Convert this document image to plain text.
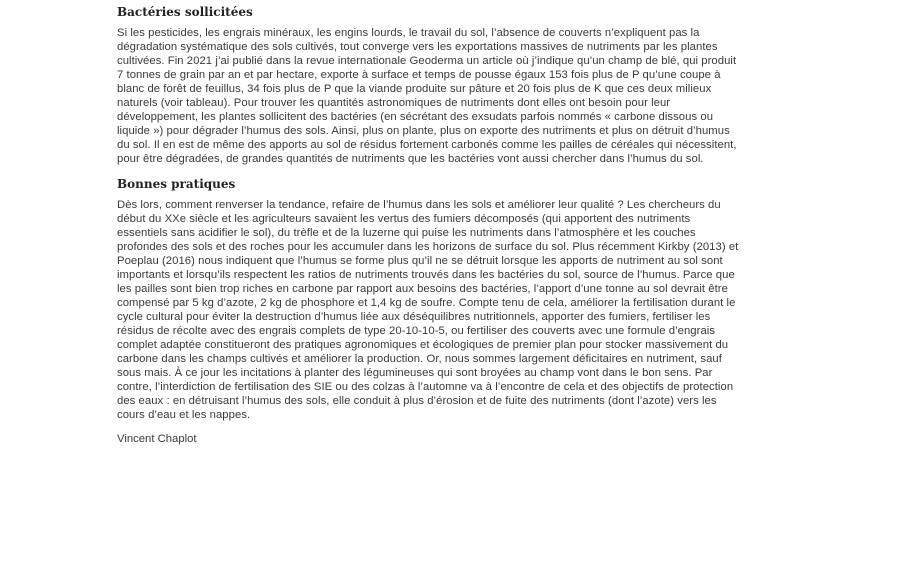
Bactéries sollicitées

Si les pesticides, les engrais minéraux, les engins lourds, le travail du sol, l’absence de couverts n’expliquent pas la dégradation systématique des sols cultivés, tout converge vers les exportations massives de nutriments par les plantes cultivées. Fin 2021 j’ai publié dans la revue internationale Geoderma un article où j’indique qu’un champ de blé, qui produit 7 tonnes de grain par an et par hectare, exporte à surface et temps de pousse égaux 153 fois plus de P qu’une coupe à blanc de forêt de feuillus, 34 fois plus de P que la viande produite sur pâture et 20 fois plus de K que ces deux milieux naturels (voir tableau). Pour trouver les quantités astronomiques de nutriments dont elles ont besoin pour leur développement, les plantes sollicitent des bactéries (en sécrétant des exsudats parfois nommés « carbone dissous ou liquide ») pour dégrader l’humus des sols. Ainsi, plus on plante, plus on exporte des nutriments et plus on détruit d’humus du sol. Il en est de même des apports au sol de résidus fortement carbonés comme les pailles de céréales qui nécessitent, pour être dégradées, de grandes quantités de nutriments que les bactéries vont aussi chercher dans l’humus du sol.

Bonnes pratiques

Dès lors, comment renverser la tendance, refaire de l’humus dans les sols et améliorer leur qualité ? Les chercheurs du début du XXe siècle et les agriculteurs savaient les vertus des fumiers décomposés (qui apportent des nutriments essentiels sans acidifier le sol), du trèfle et de la luzerne qui puise les nutriments dans l’atmosphère et les couches profondes des sols et des roches pour les accumuler dans les horizons de surface du sol. Plus récemment Kirkby (2013) et Poeplau (2016) nous indiquent que l’humus se forme plus qu’il ne se détruit lorsque les apports de nutriment au sol sont importants et lorsqu’ils respectent les ratios de nutriments trouvés dans les bactéries du sol, source de l’humus. Parce que les pailles sont bien trop riches en carbone par rapport aux besoins des bactéries, l’apport d’une tonne au sol devrait être compensé par 5 kg d’azote, 2 kg de phosphore et 1,4 kg de soufre. Compte tenu de cela, améliorer la fertilisation durant le cycle cultural pour éviter la destruction d’humus liée aux déséquilibres nutritionnels, apporter des fumiers, fertiliser les résidus de récolte avec des engrais complets de type 20-10-10-5, ou fertiliser des couverts avec une formule d’engrais complet adaptée constitueront des pratiques agronomiques et écologiques de premier plan pour stocker massivement du carbone dans les champs cultivés et améliorer la production. Or, nous sommes largement déficitaires en nutriment, sauf sous mais. À ce jour les incitations à planter des légumineuses qui sont broyées au champ vont dans le bon sens. Par contre, l’interdiction de fertilisation des SIE ou des colzas à l’automne va à l’encontre de cela et des objectifs de protection des eaux : en détruisant l’humus des sols, elle conduit à plus d’érosion et de fuite des nutriments (dont l’azote) vers les cours d’eau et les nappes.

Vincent Chaplot
